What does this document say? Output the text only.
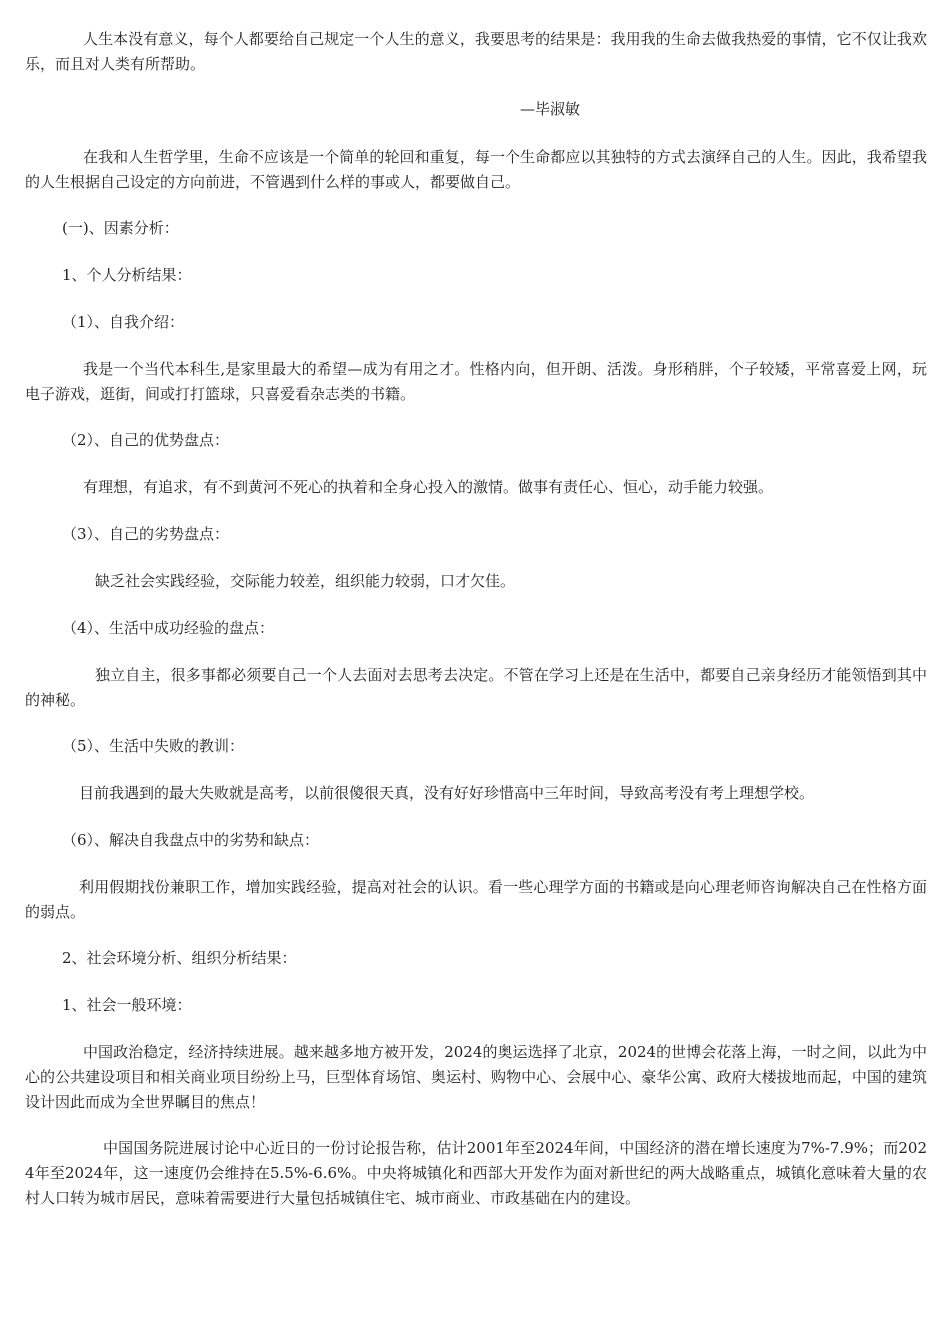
人生本没有意义，每个人都要给自己规定一个人生的意义，我要思考的结果是：我用我的生命去做我热爱的事情，它不仅让我欢乐，而且对人类有所帮助。

—毕淑敏

在我和人生哲学里，生命不应该是一个简单的轮回和重复，每一个生命都应以其独特的方式去演绎自己的人生。因此，我希望我的人生根据自己设定的方向前进，不管遇到什么样的事或人，都要做自己。

(一)、因素分析：

1、个人分析结果：

（1）、自我介绍：

我是一个当代本科生,是家里最大的希望—成为有用之才。性格内向，但开朗、活泼。身形稍胖，个子较矮，平常喜爱上网，玩电子游戏，逛街，间或打打篮球，只喜爱看杂志类的书籍。

（2）、自己的优势盘点：

有理想，有追求，有不到黄河不死心的执着和全身心投入的激情。做事有责任心、恒心，动手能力较强。

（3）、自己的劣势盘点：

缺乏社会实践经验，交际能力较差，组织能力较弱，口才欠佳。

（4）、生活中成功经验的盘点：

独立自主，很多事都必须要自己一个人去面对去思考去决定。不管在学习上还是在生活中，都要自己亲身经历才能领悟到其中的神秘。

（5）、生活中失败的教训：

目前我遇到的最大失败就是高考，以前很傻很天真，没有好好珍惜高中三年时间，导致高考没有考上理想学校。

（6）、解决自我盘点中的劣势和缺点：

利用假期找份兼职工作，增加实践经验，提高对社会的认识。看一些心理学方面的书籍或是向心理老师咨询解决自己在性格方面的弱点。

2、社会环境分析、组织分析结果：

1、社会一般环境：

中国政治稳定，经济持续进展。越来越多地方被开发，2024的奥运选择了北京，2024的世博会花落上海，一时之间，以此为中心的公共建设项目和相关商业项目纷纷上马，巨型体育场馆、奥运村、购物中心、会展中心、豪华公寓、政府大楼拔地而起，中国的建筑设计因此而成为全世界瞩目的焦点！

中国国务院进展讨论中心近日的一份讨论报告称，估计2001年至2024年间，中国经济的潜在增长速度为7%-7.9%；而2024年至2024年，这一速度仍会维持在5.5%-6.6%。中央将城镇化和西部大开发作为面对新世纪的两大战略重点，城镇化意味着大量的农村人口转为城市居民，意味着需要进行大量包括城镇住宅、城市商业、市政基础在内的建设。
